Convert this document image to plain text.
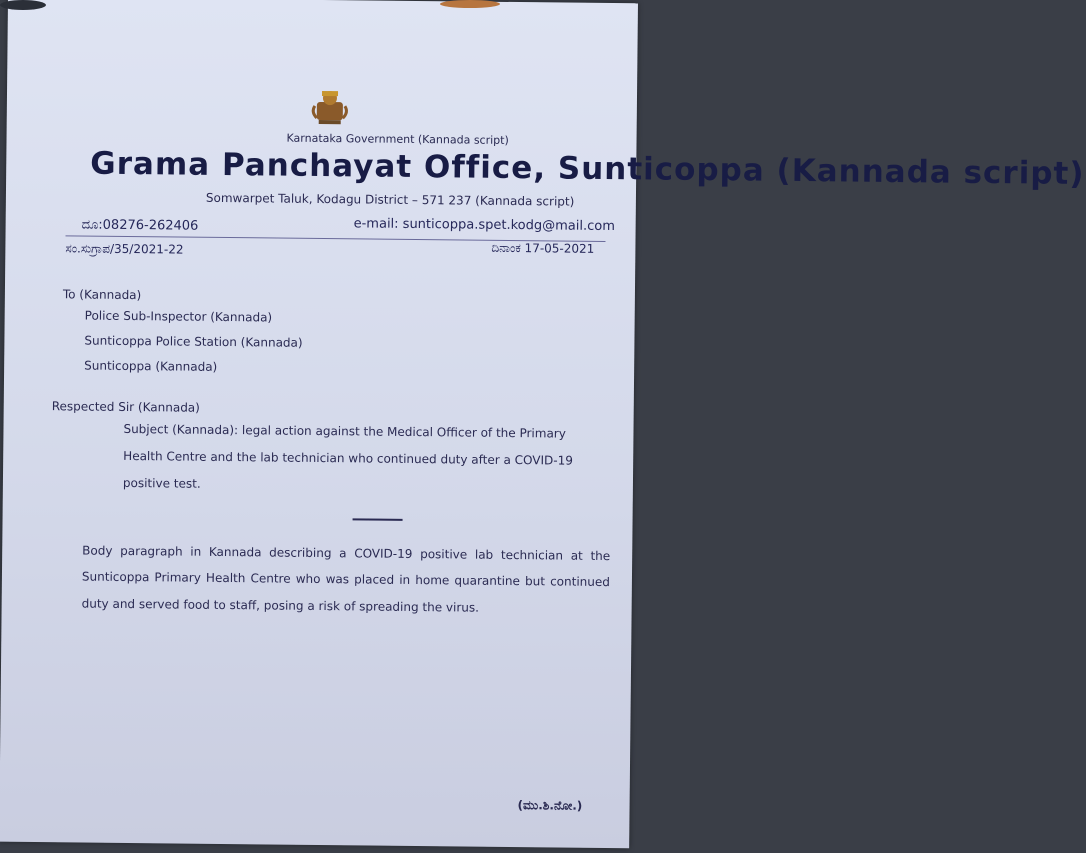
Karnataka Government (Kannada script)
Grama Panchayat Office, Sunticoppa (Kannada script)
Somwarpet Taluk, Kodagu District – 571 237 (Kannada script)
ದೂ:08276-262406	e-mail: sunticoppa.spet.kodg@mail.com
ಸಂ.ಸುಗ್ರಾಪ/35/2021-22	ದಿನಾಂಕ 17-05-2021
To (Kannada)
Police Sub-Inspector (Kannada)
Sunticoppa Police Station (Kannada)
Sunticoppa (Kannada)
Respected Sir (Kannada)
Subject (Kannada): legal action against the Medical Officer of the Primary Health Centre and the lab technician who continued duty after a COVID-19 positive test.
Body paragraph in Kannada describing a COVID-19 positive lab technician at the Sunticoppa Primary Health Centre who was placed in home quarantine but continued duty and served food to staff, posing a risk of spreading the virus.
(ಮು.ಶಿ.ನೋ.)
